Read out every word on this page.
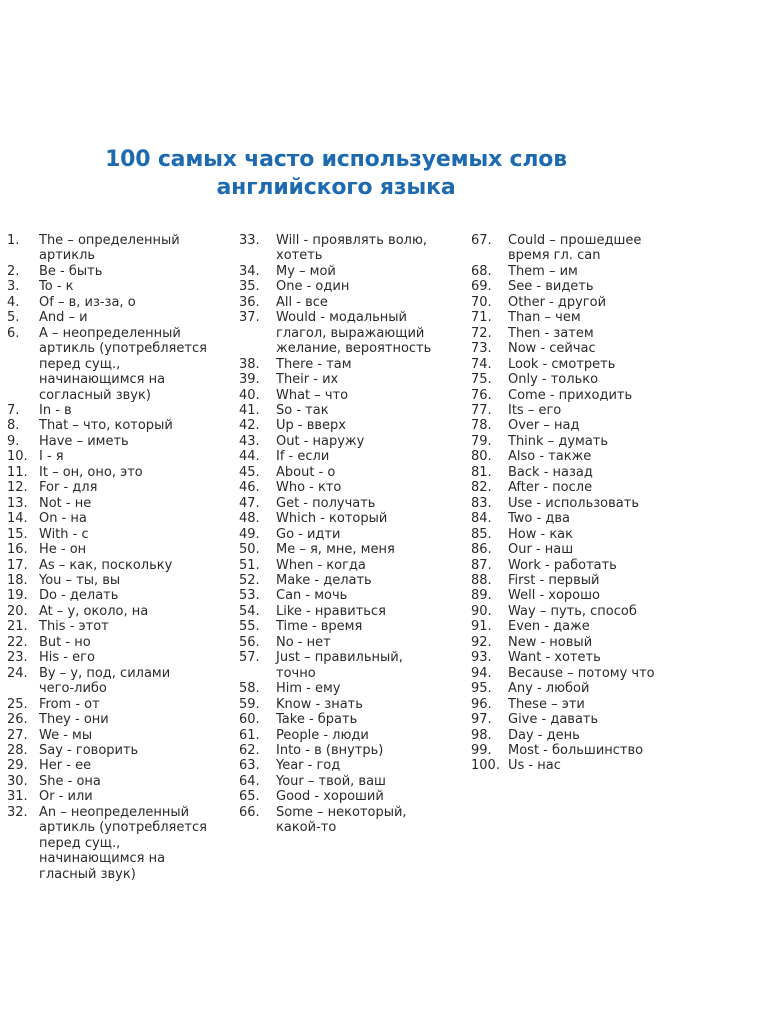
100 самых часто используемых слов
английского языка
1.	The – определенный
артикль
2.	Be - быть
3.	To - к
4.	Of – в, из-за, о
5.	And – и
6.	A – неопределенный
артикль (употребляется
перед сущ.,
начинающимся на
согласный звук)
7.	In - в
8.	That – что, который
9.	Have – иметь
10. I - я
11. It – он, оно, это
12. For - для
13. Not - не
14. On - на
15. With - с
16. He - он
17. As – как, поскольку
18. You – ты, вы
19. Do - делать
20. At – у, около, на
21. This - этот
22. But - но
23. His - его
24. By – у, под, силами
чего-либо
25. From - от
26. They - они
27. We - мы
28. Say - говорить
29. Her - ее
30. She - она
31. Or - или
32. An – неопределенный
артикль (употребляется
перед сущ.,
начинающимся на
гласный звук)
33.	Will - проявлять волю,
хотеть
34.	My – мой
35.	One - один
36.	All - все
37.	Would - модальный
глагол, выражающий
желание, вероятность
38.	There - там
39.	Their - их
40.	What – что
41.	So - так
42.	Up - вверх
43.	Out - наружу
44.	If - если
45.	About - о
46.	Who - кто
47.	Get - получать
48.	Which - который
49.	Go - идти
50.	Me – я, мне, меня
51.	When - когда
52.	Make - делать
53.	Can - мочь
54.	Like - нравиться
55.	Time - время
56.	No - нет
57.	Just – правильный,
точно
58.	Him - ему
59.	Know - знать
60.	Take - брать
61.	People - люди
62.	Into - в (внутрь)
63.	Year - год
64.	Your – твой, ваш
65.	Good - хороший
66.	Some – некоторый,
какой-то
67.	Could – прошедшее
время гл. can
68.	Them – им
69.	See - видеть
70.	Other - другой
71.	Than – чем
72.	Then - затем
73.	Now - сейчас
74.	Look - смотреть
75.	Only - только
76.	Come - приходить
77.	Its – его
78.	Over – над
79.	Think – думать
80.	Also - также
81.	Back - назад
82.	After - после
83.	Use - использовать
84.	Two - два
85.	How - как
86.	Our - наш
87.	Work - работать
88.	First - первый
89.	Well - хорошо
90.	Way – путь, способ
91.	Even - даже
92.	New - новый
93.	Want - хотеть
94.	Because – потому что
95.	Any - любой
96.	These – эти
97.	Give - давать
98.	Day - день
99.	Most - большинство
100. Us - нас
